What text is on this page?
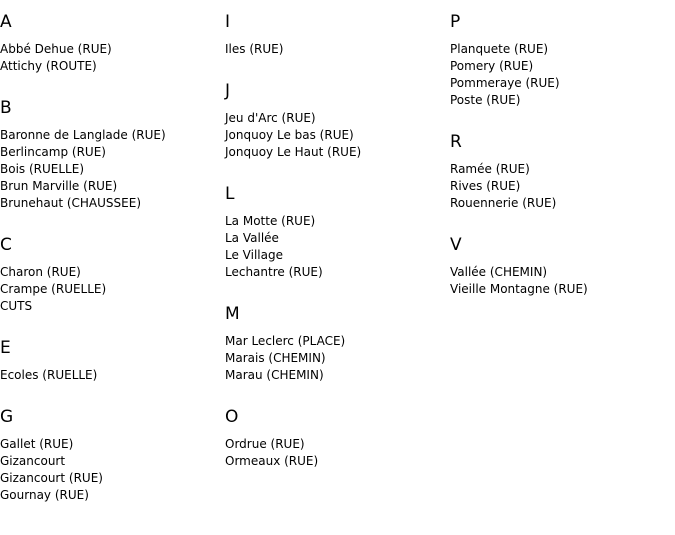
A
Abbé Dehue (RUE)
Attichy (ROUTE)
B
Baronne de Langlade (RUE)
Berlincamp (RUE)
Bois (RUELLE)
Brun Marville (RUE)
Brunehaut (CHAUSSEE)
C
Charon (RUE)
Crampe (RUELLE)
CUTS
E
Ecoles (RUELLE)
G
Gallet (RUE)
Gizancourt
Gizancourt (RUE)
Gournay (RUE)
I
Iles (RUE)
J
Jeu d'Arc (RUE)
Jonquoy Le bas (RUE)
Jonquoy Le Haut (RUE)
L
La Motte (RUE)
La Vallée
Le Village
Lechantre (RUE)
M
Mar Leclerc (PLACE)
Marais (CHEMIN)
Marau (CHEMIN)
O
Ordrue (RUE)
Ormeaux (RUE)
P
Planquete (RUE)
Pomery (RUE)
Pommeraye (RUE)
Poste (RUE)
R
Ramée (RUE)
Rives (RUE)
Rouennerie (RUE)
V
Vallée (CHEMIN)
Vieille Montagne (RUE)
